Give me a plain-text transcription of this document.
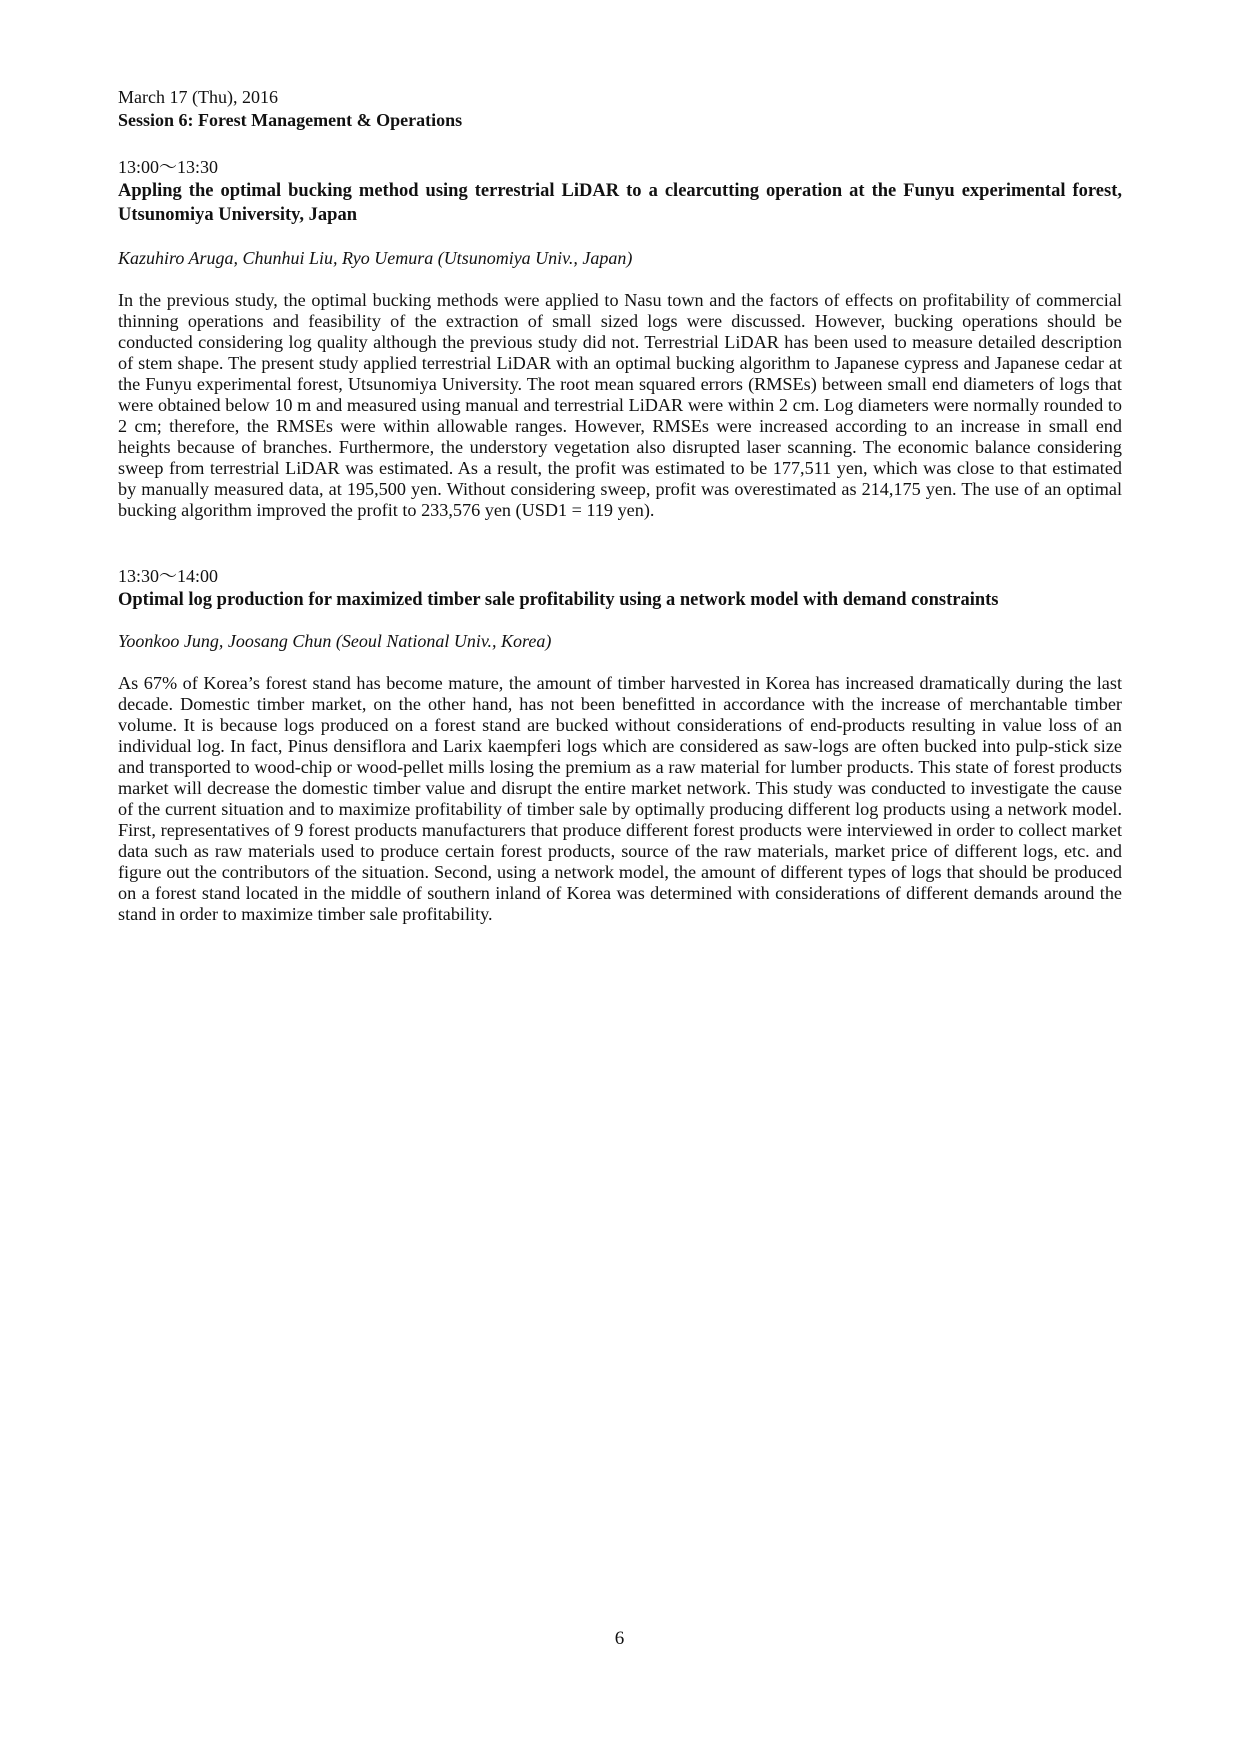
March 17 (Thu), 2016

Session 6: Forest Management & Operations

13:00～13:30

Appling the optimal bucking method using terrestrial LiDAR to a clearcutting operation at the Funyu experimental forest, Utsunomiya University, Japan

Kazuhiro Aruga, Chunhui Liu, Ryo Uemura (Utsunomiya Univ., Japan)

In the previous study, the optimal bucking methods were applied to Nasu town and the factors of effects on profitability of commercial thinning operations and feasibility of the extraction of small sized logs were discussed. However, bucking operations should be conducted considering log quality although the previous study did not. Terrestrial LiDAR has been used to measure detailed description of stem shape. The present study applied terrestrial LiDAR with an optimal bucking algorithm to Japanese cypress and Japanese cedar at the Funyu experimental forest, Utsunomiya University. The root mean squared errors (RMSEs) between small end diameters of logs that were obtained below 10 m and measured using manual and terrestrial LiDAR were within 2 cm. Log diameters were normally rounded to 2 cm; therefore, the RMSEs were within allowable ranges. However, RMSEs were increased according to an increase in small end heights because of branches. Furthermore, the understory vegetation also disrupted laser scanning. The economic balance considering sweep from terrestrial LiDAR was estimated. As a result, the profit was estimated to be 177,511 yen, which was close to that estimated by manually measured data, at 195,500 yen. Without considering sweep, profit was overestimated as 214,175 yen. The use of an optimal bucking algorithm improved the profit to 233,576 yen (USD1 = 119 yen).

13:30～14:00

Optimal log production for maximized timber sale profitability using a network model with demand constraints

Yoonkoo Jung, Joosang Chun (Seoul National Univ., Korea)

As 67% of Korea’s forest stand has become mature, the amount of timber harvested in Korea has increased dramatically during the last decade. Domestic timber market, on the other hand, has not been benefitted in accordance with the increase of merchantable timber volume. It is because logs produced on a forest stand are bucked without considerations of end-products resulting in value loss of an individual log. In fact, Pinus densiflora and Larix kaempferi logs which are considered as saw-logs are often bucked into pulp-stick size and transported to wood-chip or wood-pellet mills losing the premium as a raw material for lumber products. This state of forest products market will decrease the domestic timber value and disrupt the entire market network. This study was conducted to investigate the cause of the current situation and to maximize profitability of timber sale by optimally producing different log products using a network model. First, representatives of 9 forest products manufacturers that produce different forest products were interviewed in order to collect market data such as raw materials used to produce certain forest products, source of the raw materials, market price of different logs, etc. and figure out the contributors of the situation. Second, using a network model, the amount of different types of logs that should be produced on a forest stand located in the middle of southern inland of Korea was determined with considerations of different demands around the stand in order to maximize timber sale profitability.

6
